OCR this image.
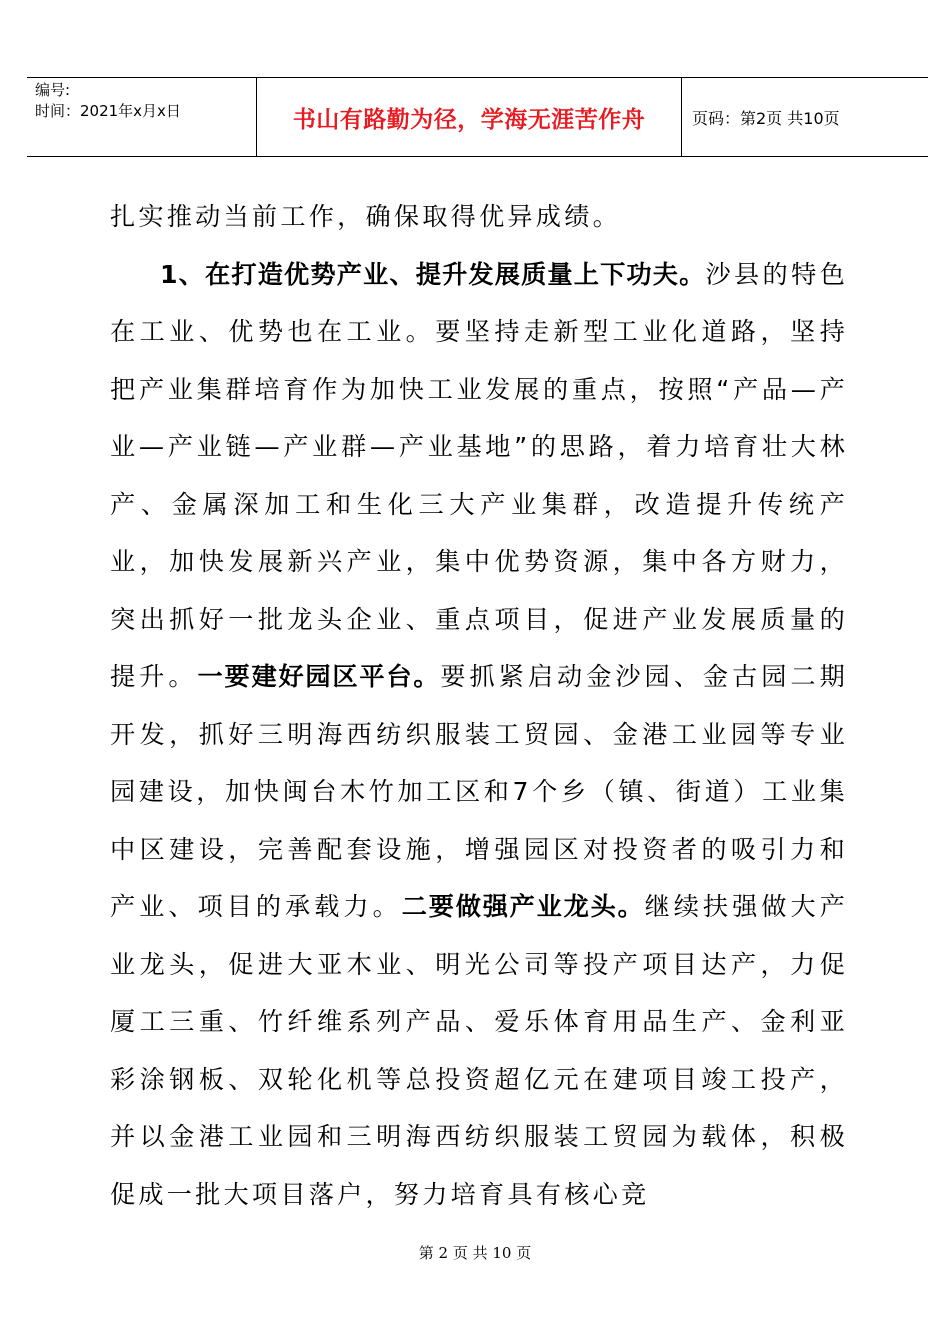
编号:
时间：2021年x月x日	书山有路勤为径，学海无涯苦作舟	页码：第2页 共10页

扎实推动当前工作，确保取得优异成绩。

1、在打造优势产业、提升发展质量上下功夫。沙县的特色在工业、优势也在工业。要坚持走新型工业化道路，坚持把产业集群培育作为加快工业发展的重点，按照“产品—产业—产业链—产业群—产业基地”的思路，着力培育壮大林产、金属深加工和生化三大产业集群，改造提升传统产业，加快发展新兴产业，集中优势资源，集中各方财力，突出抓好一批龙头企业、重点项目，促进产业发展质量的提升。一要建好园区平台。要抓紧启动金沙园、金古园二期开发，抓好三明海西纺织服装工贸园、金港工业园等专业园建设，加快闽台木竹加工区和7个乡（镇、街道）工业集中区建设，完善配套设施，增强园区对投资者的吸引力和产业、项目的承载力。二要做强产业龙头。继续扶强做大产业龙头，促进大亚木业、明光公司等投产项目达产，力促厦工三重、竹纤维系列产品、爱乐体育用品生产、金利亚彩涂钢板、双轮化机等总投资超亿元在建项目竣工投产，并以金港工业园和三明海西纺织服装工贸园为载体，积极促成一批大项目落户，努力培育具有核心竞

第 2 页 共 10 页
